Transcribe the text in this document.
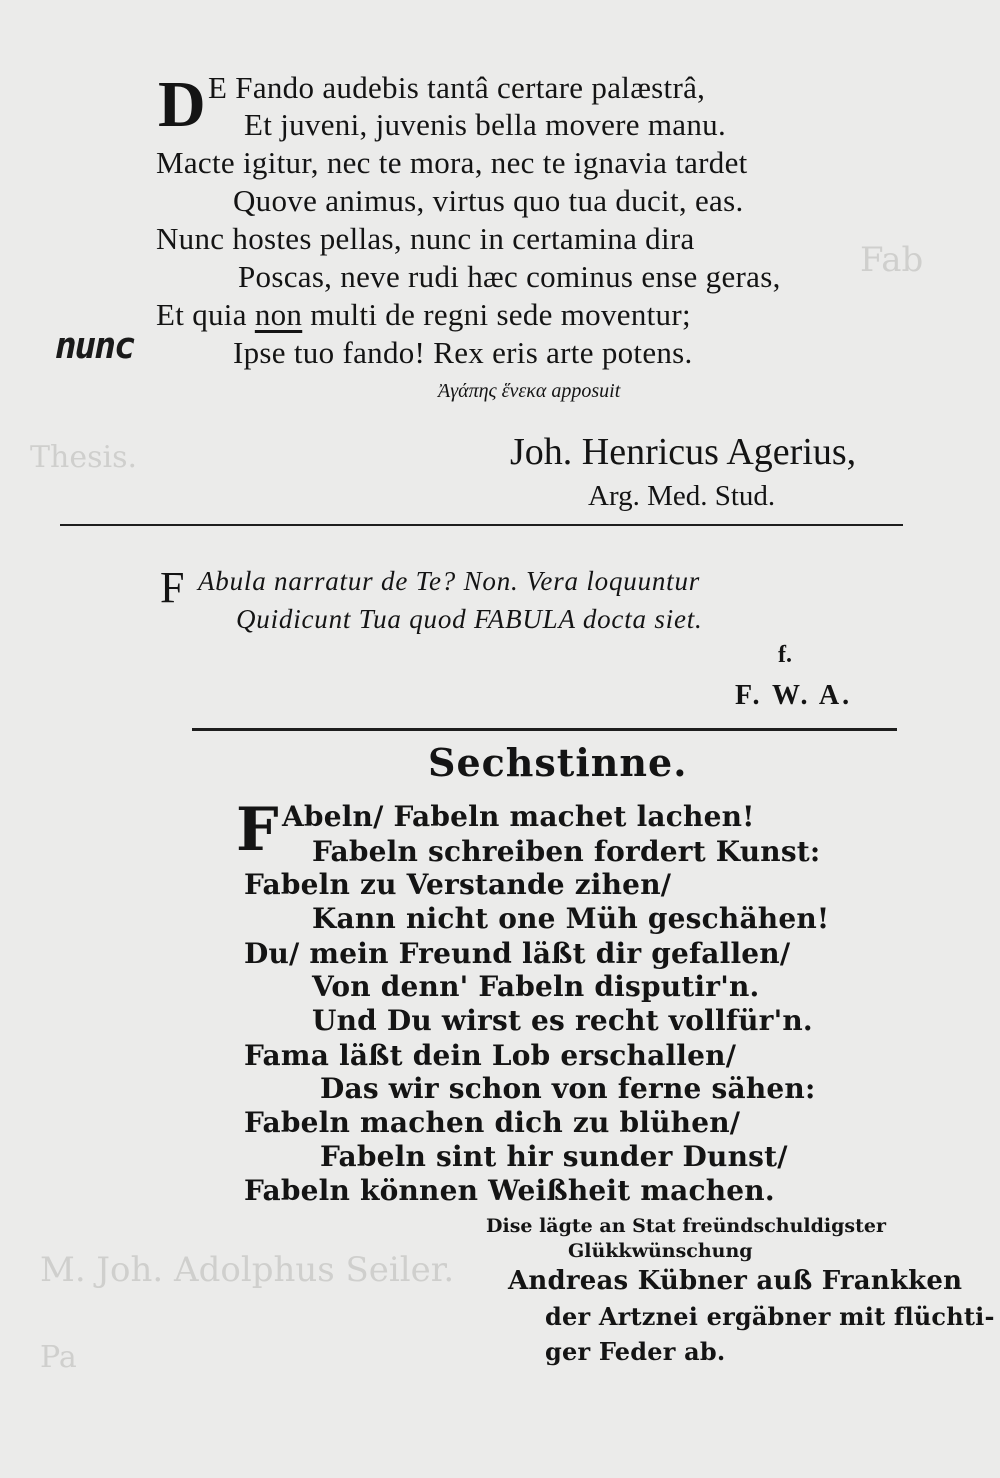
Fab
Thesis.
M. Joh. Adolphus Seiler.
Pa
D E Fando audebis tantâ certare palæstrâ,
Et juveni, juvenis bella movere manu.
Macte igitur, nec te mora, nec te ignavia tardet
Quove animus, virtus quo tua ducit, eas.
Nunc hostes pellas, nunc in certamina dira
Poscas, neve rudi hæc cominus ense geras,
Et quia non multi de regni sede moventur;
nunc	Ipse tuo fando! Rex eris arte potens.
Ἀγάπης ἕνεκα apposuit
Joh. Henricus Agerius,
Arg. Med. Stud.
F Abula narratur de Te? Non. Vera loquuntur
Quidicunt Tua quod FABULA docta siet.
f.
F. W. A.
Sechstinne.
F Abeln/ Fabeln machet lachen!
Fabeln schreiben fordert Kunst:
Fabeln zu Verstande zihen/
Kann nicht one Müh geschähen!
Du/ mein Freund läßt dir gefallen/
Von denn' Fabeln disputir'n.
Und Du wirst es recht vollfür'n.
Fama läßt dein Lob erschallen/
Das wir schon von ferne sähen:
Fabeln machen dich zu blühen/
Fabeln sint hir sunder Dunst/
Fabeln können Weißheit machen.
Dise lägte an Stat freündschuldigster
Glükkwünschung
Andreas Kübner auß Frankken
der Artznei ergäbner mit flüchti-
ger Feder ab.
